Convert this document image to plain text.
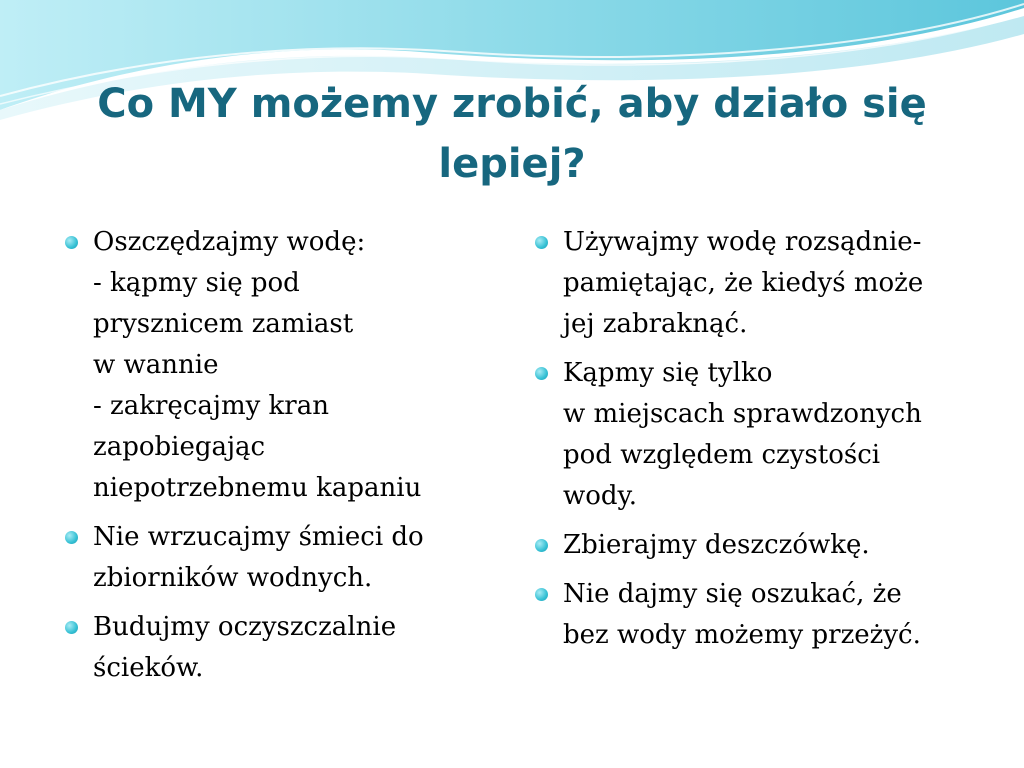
Co MY możemy zrobić, aby działo się
lepiej?
Oszczędzajmy wodę:
- kąpmy się pod
prysznicem zamiast
w wannie
- zakręcajmy kran
zapobiegając
niepotrzebnemu kapaniu
Nie wrzucajmy śmieci do
zbiorników wodnych.
Budujmy oczyszczalnie
ścieków.
Używajmy wodę rozsądnie-
pamiętając, że kiedyś może
jej zabraknąć.
Kąpmy się tylko
w miejscach sprawdzonych
pod względem czystości
wody.
Zbierajmy deszczówkę.
Nie dajmy się oszukać, że
bez wody możemy przeżyć.
